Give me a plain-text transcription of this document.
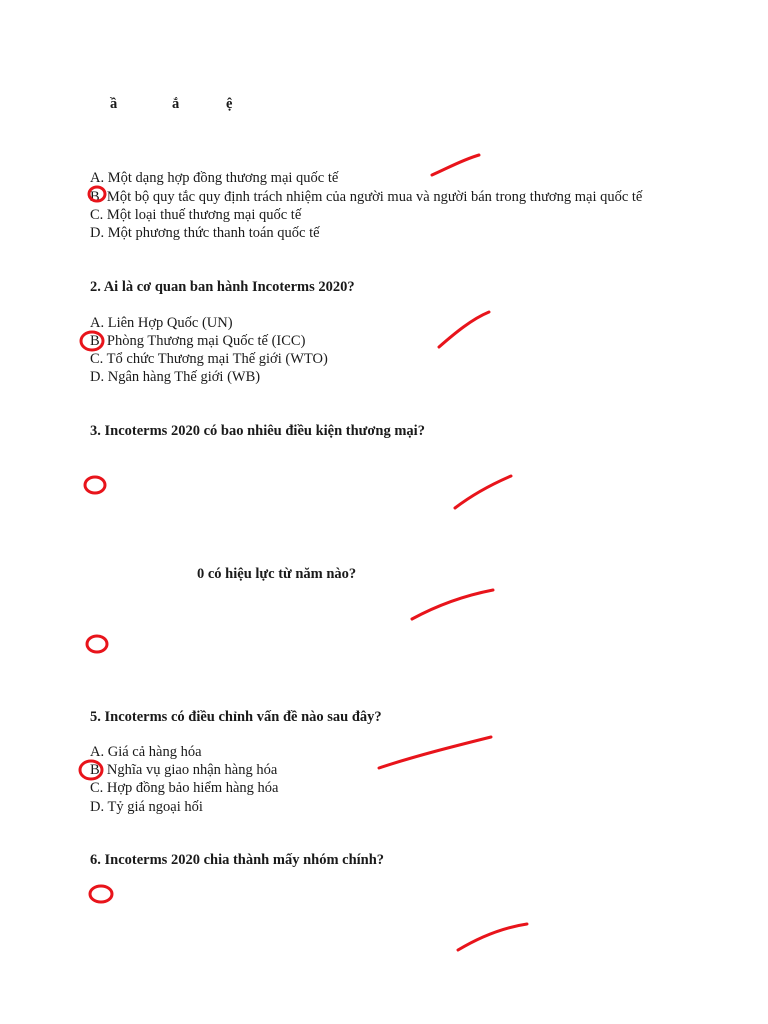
ầ	ắ	ệ
A. Một dạng hợp đồng thương mại quốc tế
B. Một bộ quy tắc quy định trách nhiệm của người mua và người bán trong thương mại quốc tế
C. Một loại thuế thương mại quốc tế
D. Một phương thức thanh toán quốc tế
2. Ai là cơ quan ban hành Incoterms 2020?
A. Liên Hợp Quốc (UN)
B. Phòng Thương mại Quốc tế (ICC)
C. Tổ chức Thương mại Thế giới (WTO)
D. Ngân hàng Thế giới (WB)
3. Incoterms 2020 có bao nhiêu điều kiện thương mại?
0 có hiệu lực từ năm nào?
5. Incoterms có điều chỉnh vấn đề nào sau đây?
A. Giá cả hàng hóa
B. Nghĩa vụ giao nhận hàng hóa
C. Hợp đồng bảo hiểm hàng hóa
D. Tỷ giá ngoại hối
6. Incoterms 2020 chia thành mấy nhóm chính?
